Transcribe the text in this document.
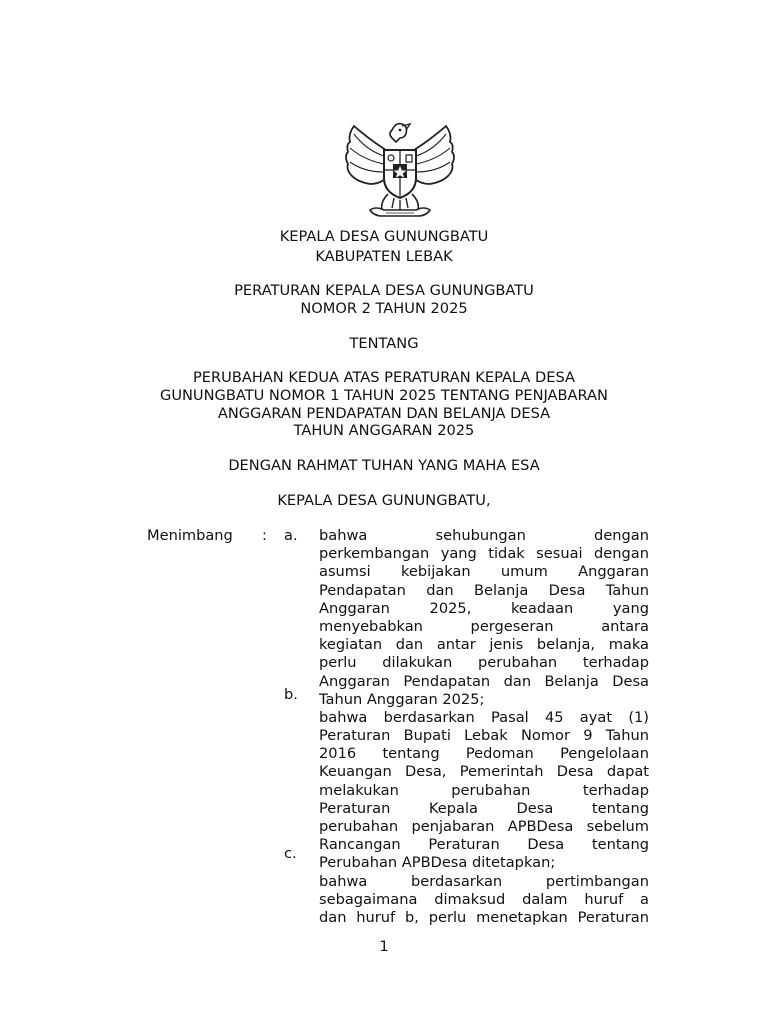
KEPALA DESA GUNUNGBATU
KABUPATEN LEBAK
PERATURAN KEPALA DESA GUNUNGBATU
NOMOR 2 TAHUN 2025
TENTANG
PERUBAHAN KEDUA ATAS PERATURAN KEPALA DESA
GUNUNGBATU NOMOR 1 TAHUN 2025 TENTANG PENJABARAN
ANGGARAN PENDAPATAN DAN BELANJA DESA
TAHUN ANGGARAN 2025
DENGAN RAHMAT TUHAN YANG MAHA ESA
KEPALA DESA GUNUNGBATU,
Menimbang : a.
b.
c.
bahwa sehubungan dengan
perkembangan yang tidak sesuai dengan
asumsi kebijakan umum Anggaran
Pendapatan dan Belanja Desa Tahun
Anggaran 2025, keadaan yang
menyebabkan pergeseran antara
kegiatan dan antar jenis belanja, maka
perlu dilakukan perubahan terhadap
Anggaran Pendapatan dan Belanja Desa
Tahun Anggaran 2025;
bahwa berdasarkan Pasal 45 ayat (1)
Peraturan Bupati Lebak Nomor 9 Tahun
2016 tentang Pedoman Pengelolaan
Keuangan Desa, Pemerintah Desa dapat
melakukan perubahan terhadap
Peraturan Kepala Desa tentang
perubahan penjabaran APBDesa sebelum
Rancangan Peraturan Desa tentang
Perubahan APBDesa ditetapkan;
bahwa berdasarkan pertimbangan
sebagaimana dimaksud dalam huruf a
dan huruf b, perlu menetapkan Peraturan
1
